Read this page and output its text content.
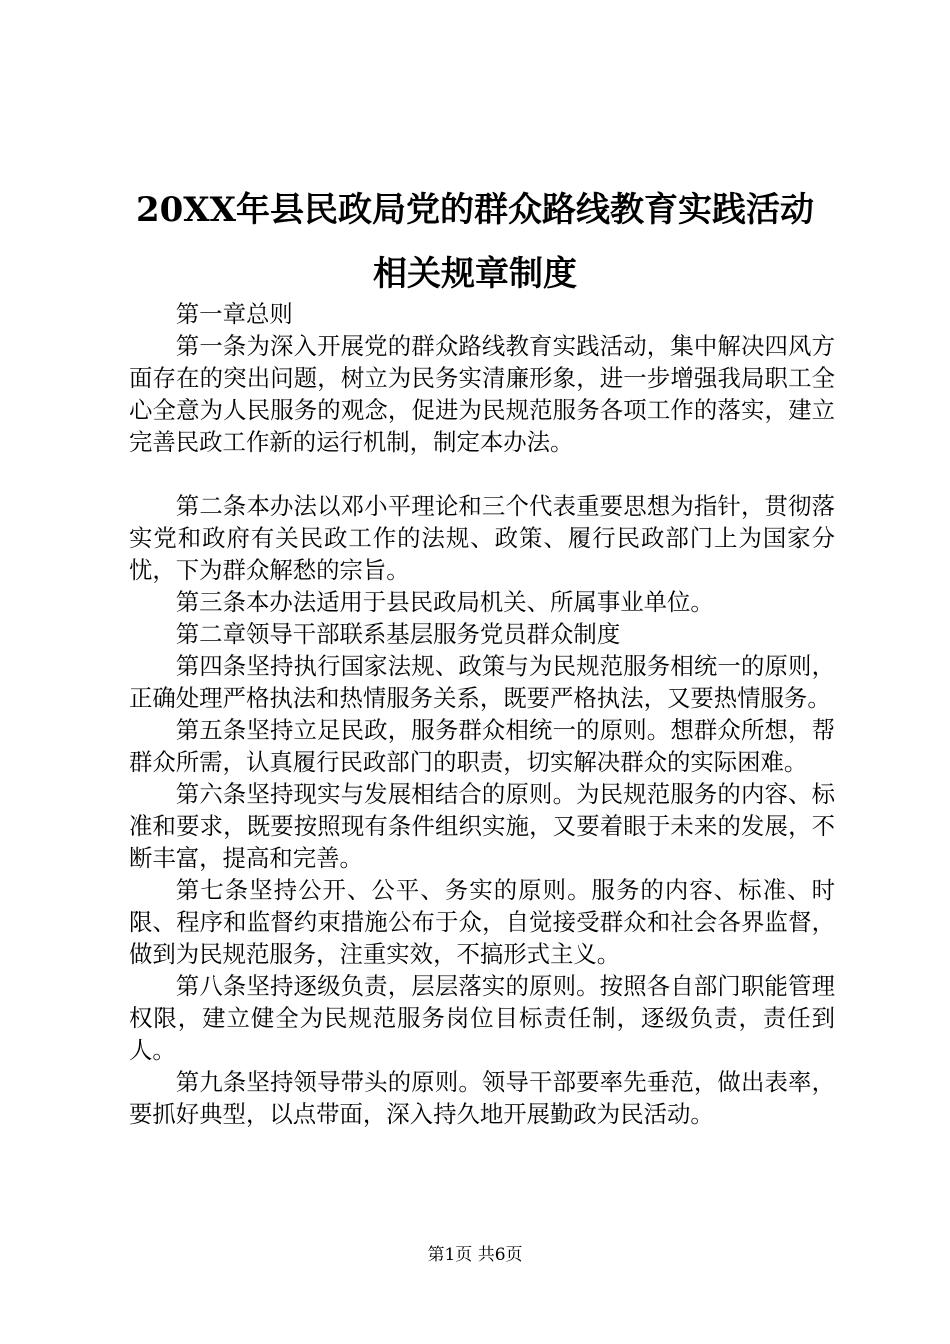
20XX年县民政局党的群众路线教育实践活动
相关规章制度

第一章总则

第一条为深入开展党的群众路线教育实践活动，集中解决四风方面存在的突出问题，树立为民务实清廉形象，进一步增强我局职工全心全意为人民服务的观念，促进为民规范服务各项工作的落实，建立完善民政工作新的运行机制，制定本办法。

第二条本办法以邓小平理论和三个代表重要思想为指针，贯彻落实党和政府有关民政工作的法规、政策、履行民政部门上为国家分忧，下为群众解愁的宗旨。

第三条本办法适用于县民政局机关、所属事业单位。

第二章领导干部联系基层服务党员群众制度

第四条坚持执行国家法规、政策与为民规范服务相统一的原则，正确处理严格执法和热情服务关系，既要严格执法，又要热情服务。

第五条坚持立足民政，服务群众相统一的原则。想群众所想，帮群众所需，认真履行民政部门的职责，切实解决群众的实际困难。

第六条坚持现实与发展相结合的原则。为民规范服务的内容、标准和要求，既要按照现有条件组织实施，又要着眼于未来的发展，不断丰富，提高和完善。

第七条坚持公开、公平、务实的原则。服务的内容、标准、时限、程序和监督约束措施公布于众，自觉接受群众和社会各界监督，做到为民规范服务，注重实效，不搞形式主义。

第八条坚持逐级负责，层层落实的原则。按照各自部门职能管理权限，建立健全为民规范服务岗位目标责任制，逐级负责，责任到人。

第九条坚持领导带头的原则。领导干部要率先垂范，做出表率，要抓好典型，以点带面，深入持久地开展勤政为民活动。

第1页 共6页
